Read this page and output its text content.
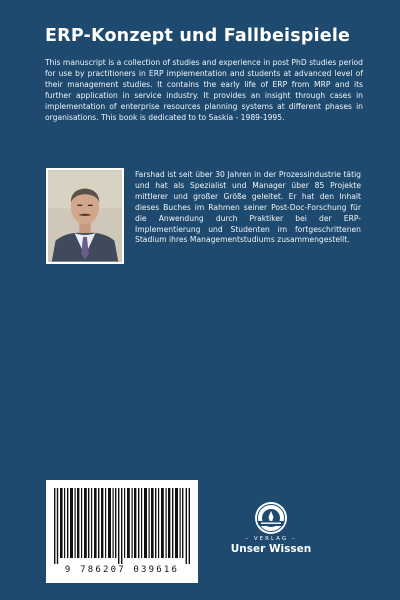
ERP-Konzept und Fallbeispiele

This manuscript is a collection of studies and experience in post PhD studies period for use by practitioners in ERP implementation and students at advanced level of their management studies. It contains the early life of ERP from MRP and its further application in service industry. It provides an insight through cases in implementation of enterprise resources planning systems at different phases in organisations. This book is dedicated to to Saskia - 1989-1995.

Farshad ist seit über 30 Jahren in der Prozessindustrie tätig und hat als Spezialist und Manager über 85 Projekte mittlerer und großer Größe geleitet. Er hat den Inhalt dieses Buches im Rahmen seiner Post-Doc-Forschung für die Anwendung durch Praktiker bei der ERP-Implementierung und Studenten im fortgeschrittenen Stadium ihres Managementstudiums zusammengestellt.

9 786207 039616
– VERLAG –
Unser Wissen
